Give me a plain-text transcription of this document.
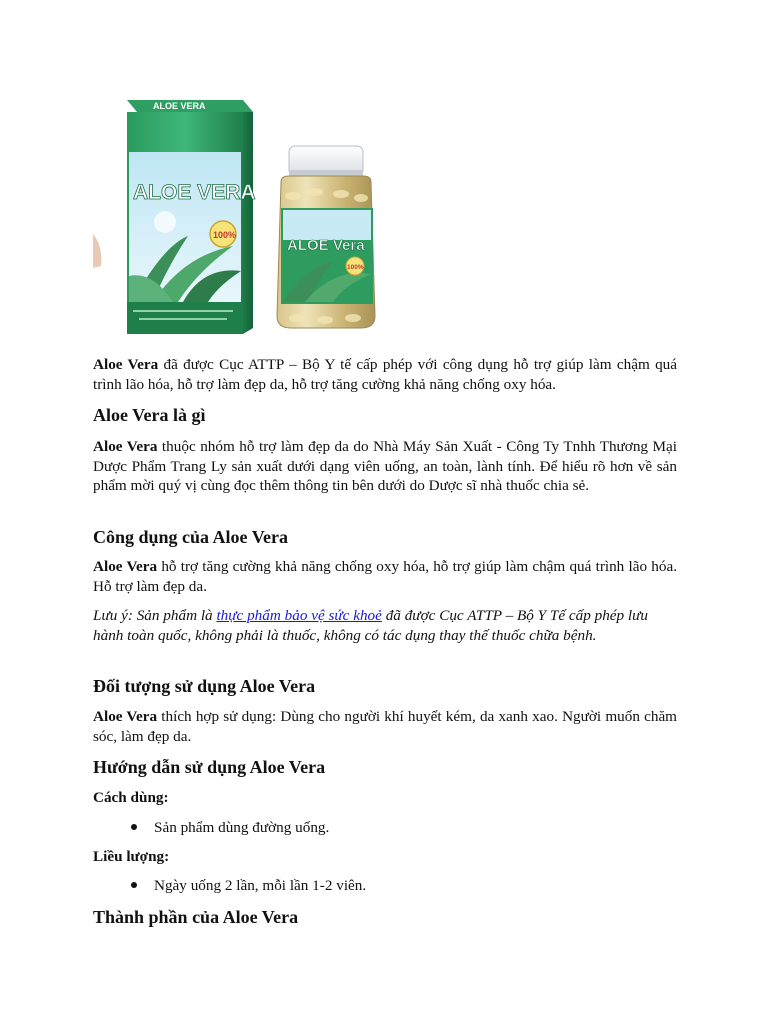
ALOE VERA
ALOE VERA
100%
ALOE Vera
100%

Aloe Vera đã được Cục ATTP – Bộ Y tế cấp phép với công dụng hỗ trợ giúp làm chậm quá trình lão hóa, hỗ trợ làm đẹp da, hỗ trợ tăng cường khả năng chống oxy hóa.

Aloe Vera là gì

Aloe Vera thuộc nhóm hỗ trợ làm đẹp da do Nhà Máy Sản Xuất - Công Ty Tnhh Thương Mại Dược Phẩm Trang Ly sản xuất dưới dạng viên uống, an toàn, lành tính. Để hiểu rõ hơn về sản phẩm mời quý vị cùng đọc thêm thông tin bên dưới do Dược sĩ nhà thuốc chia sẻ.

Công dụng của Aloe Vera

Aloe Vera hỗ trợ tăng cường khả năng chống oxy hóa, hỗ trợ giúp làm chậm quá trình lão hóa. Hỗ trợ làm đẹp da.

Lưu ý: Sản phẩm là thực phẩm bảo vệ sức khoẻ đã được Cục ATTP – Bộ Y Tế cấp phép lưu hành toàn quốc, không phải là thuốc, không có tác dụng thay thế thuốc chữa bệnh.

Đối tượng sử dụng Aloe Vera

Aloe Vera thích hợp sử dụng: Dùng cho người khí huyết kém, da xanh xao. Người muốn chăm sóc, làm đẹp da.

Hướng dẫn sử dụng Aloe Vera
Cách dùng:
Sản phẩm dùng đường uống.
Liều lượng:
Ngày uống 2 lần, mỗi lần 1-2 viên.
Thành phần của Aloe Vera
